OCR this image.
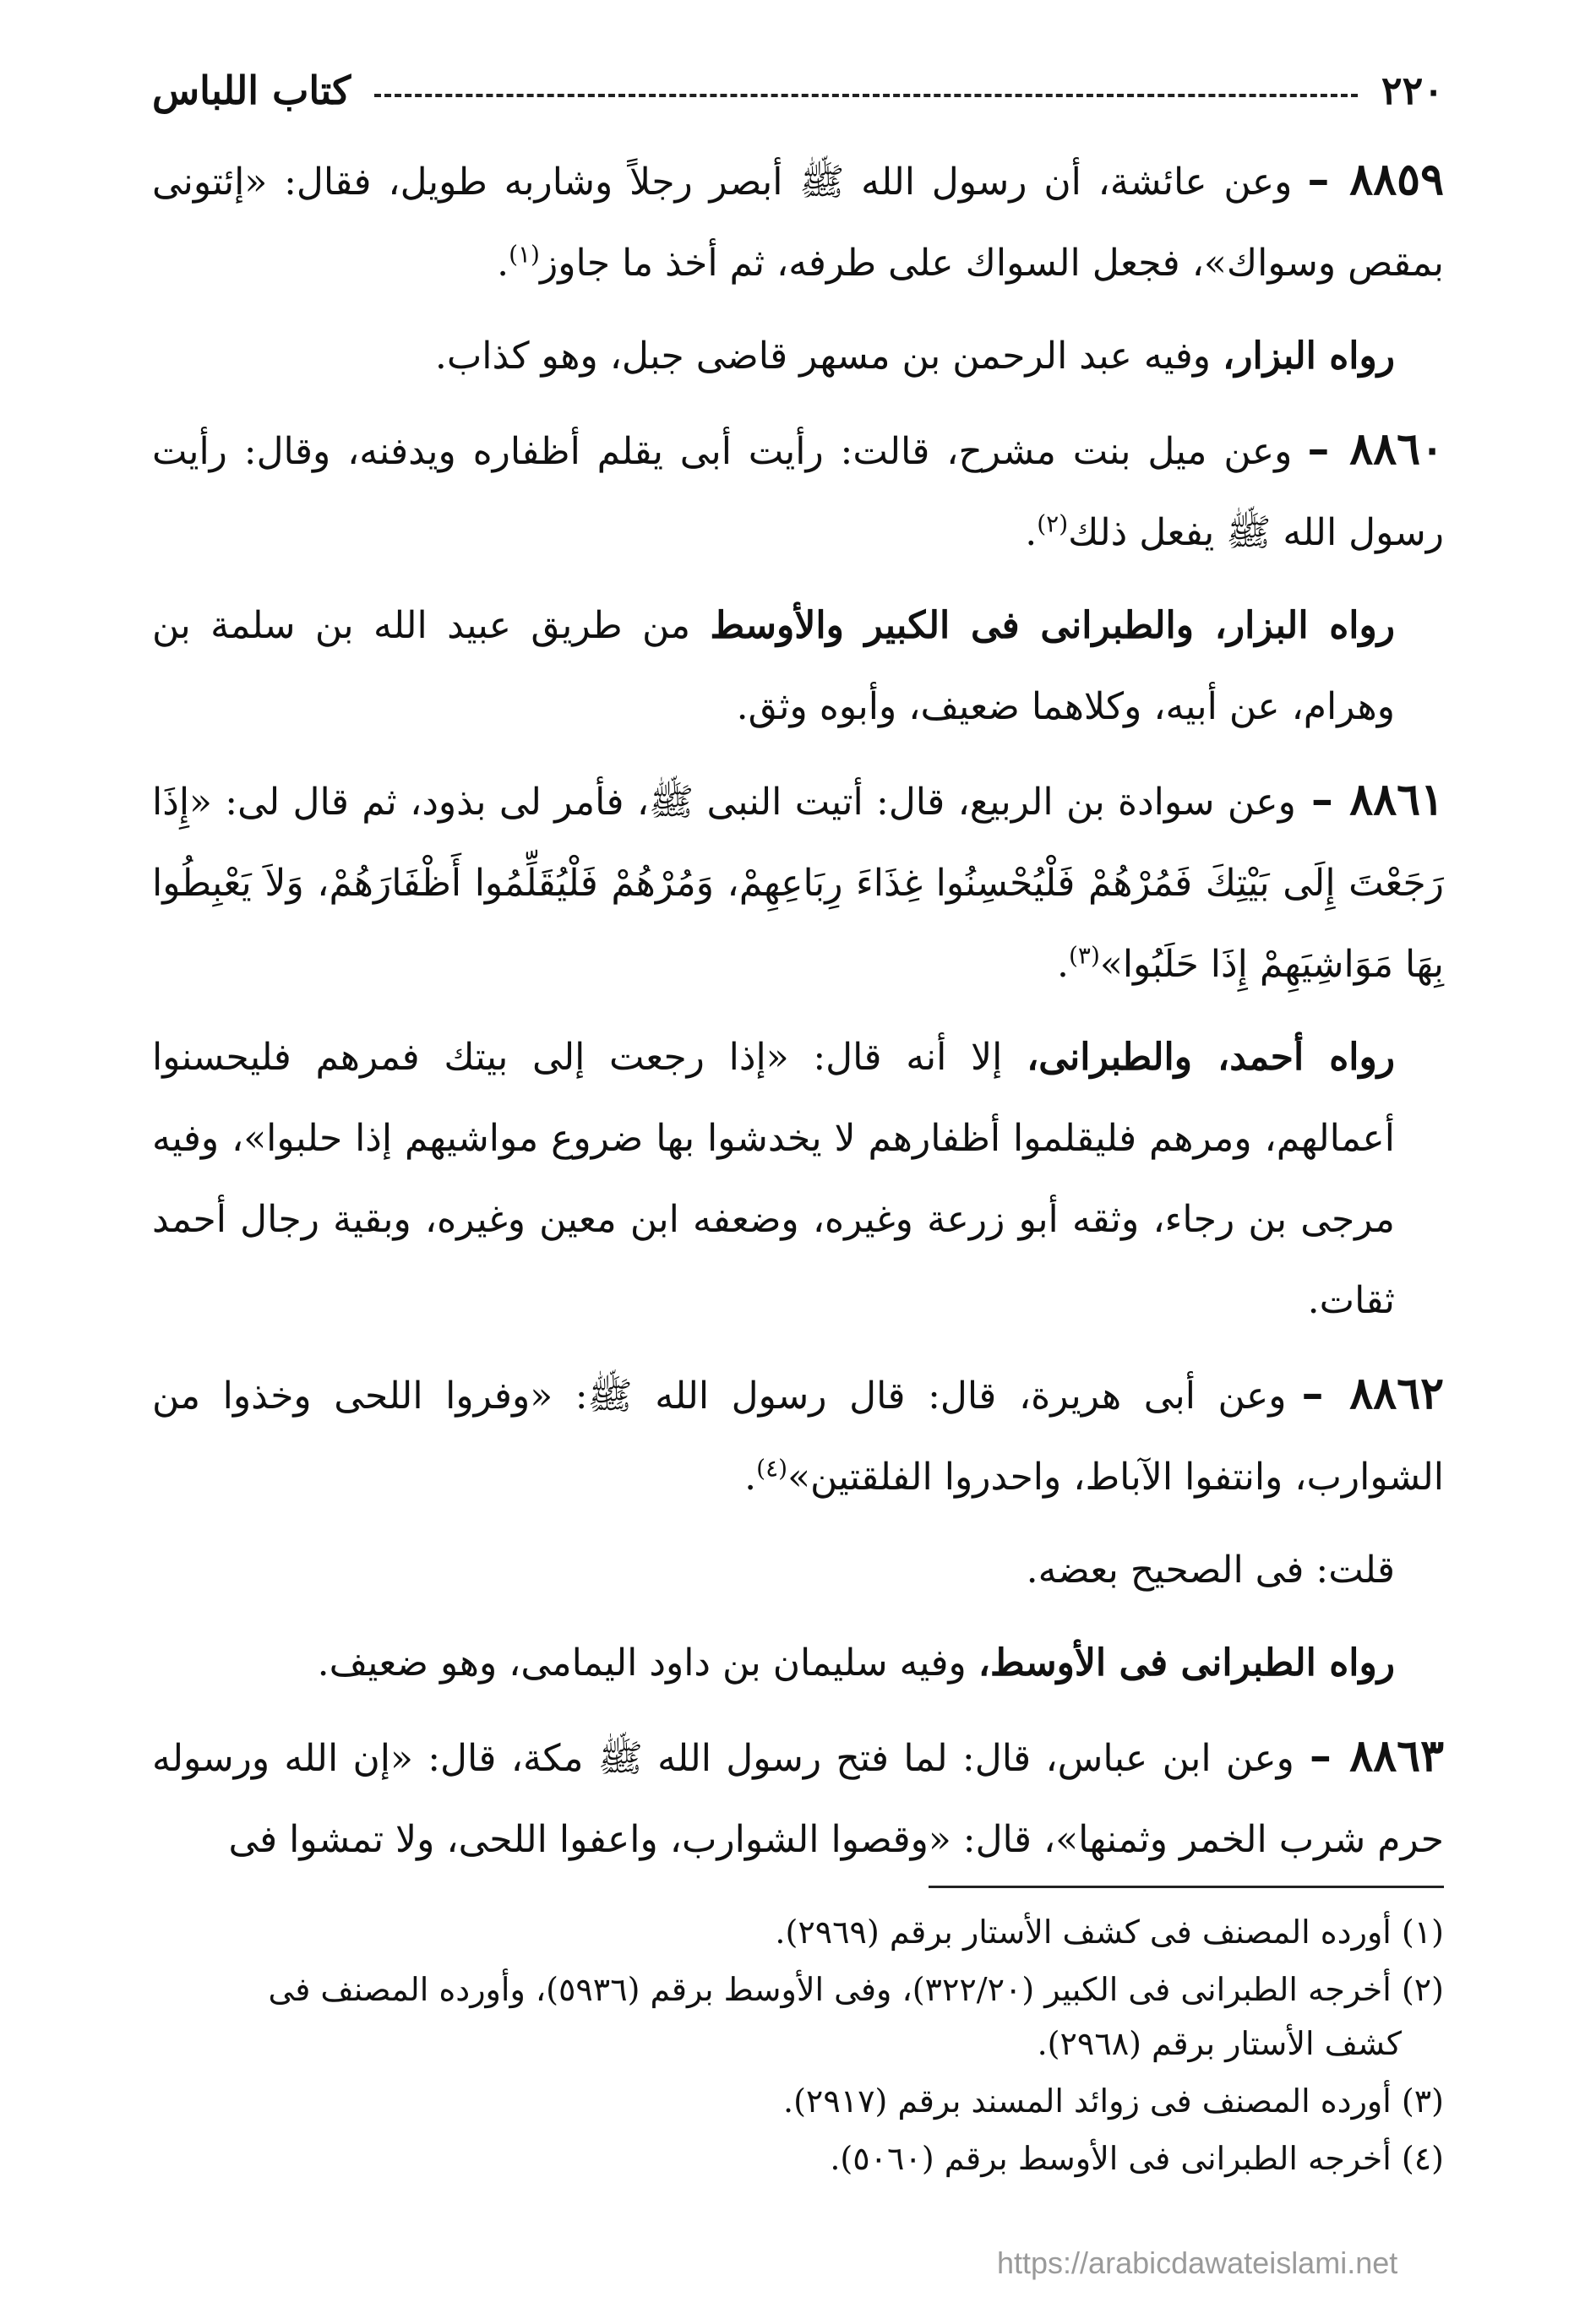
٢٢٠
كتاب اللباس

٨٨٥٩ –وعن عائشة، أن رسول الله ﷺ أبصر رجلاً وشاربه طويل، فقال: «إئتونى بمقص وسواك»، فجعل السواك على طرفه، ثم أخذ ما جاوز$^{(١)}$.

رواه البزار، وفيه عبد الرحمن بن مسهر قاضى جبل، وهو كذاب.

٨٨٦٠ –وعن ميل بنت مشرح، قالت: رأيت أبى يقلم أظفاره ويدفنه، وقال: رأيت رسول الله ﷺ يفعل ذلك$^{(٢)}$.

رواه البزار، والطبرانى فى الكبير والأوسط من طريق عبيد الله بن سلمة بن وهرام، عن أبيه، وكلاهما ضعيف، وأبوه وثق.

٨٨٦١ –وعن سوادة بن الربيع، قال: أتيت النبى ﷺ، فأمر لى بذود، ثم قال لى: «إِذَا رَجَعْتَ إِلَى بَيْتِكَ فَمُرْهُمْ فَلْيُحْسِنُوا غِذَاءَ رِبَاعِهِمْ، وَمُرْهُمْ فَلْيُقَلِّمُوا أَظْفَارَهُمْ، وَلاَ يَعْبِطُوا بِهَا مَوَاشِيَهِمْ إِذَا حَلَبُوا»$^{(٣)}$.

رواه أحمد، والطبرانى، إلا أنه قال: «إذا رجعت إلى بيتك فمرهم فليحسنوا أعمالهم، ومرهم فليقلموا أظفارهم لا يخدشوا بها ضروع مواشيهم إذا حلبوا»، وفيه مرجى بن رجاء، وثقه أبو زرعة وغيره، وضعفه ابن معين وغيره، وبقية رجال أحمد ثقات.

٨٨٦٢ –وعن أبى هريرة، قال: قال رسول الله ﷺ: «وفروا اللحى وخذوا من الشوارب، وانتفوا الآباط، واحدروا الفلقتين»$^{(٤)}$.

قلت: فى الصحيح بعضه.

رواه الطبرانى فى الأوسط، وفيه سليمان بن داود اليمامى، وهو ضعيف.

٨٨٦٣ –وعن ابن عباس، قال: لما فتح رسول الله ﷺ مكة، قال: «إن الله ورسوله حرم شرب الخمر وثمنها»، قال: «وقصوا الشوارب، واعفوا اللحى، ولا تمشوا فى

(١) أورده المصنف فى كشف الأستار برقم (٢٩٦٩).

(٢) أخرجه الطبرانى فى الكبير (٣٢٢/٢٠)، وفى الأوسط برقم (٥٩٣٦)، وأورده المصنف فى
كشف الأستار برقم (٢٩٦٨).

(٣) أورده المصنف فى زوائد المسند برقم (٢٩١٧).

(٤) أخرجه الطبرانى فى الأوسط برقم (٥٠٦٠).

https://arabicdawateislami.net
